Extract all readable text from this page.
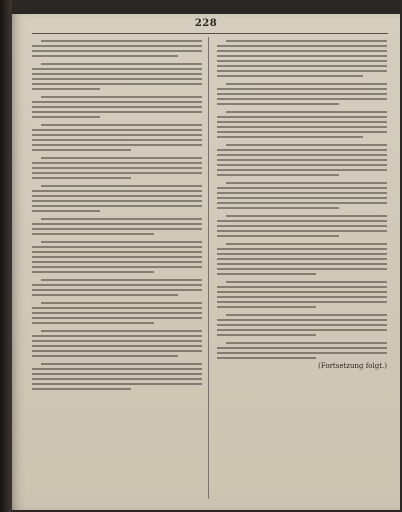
228
(Fortsetzung folgt.)
